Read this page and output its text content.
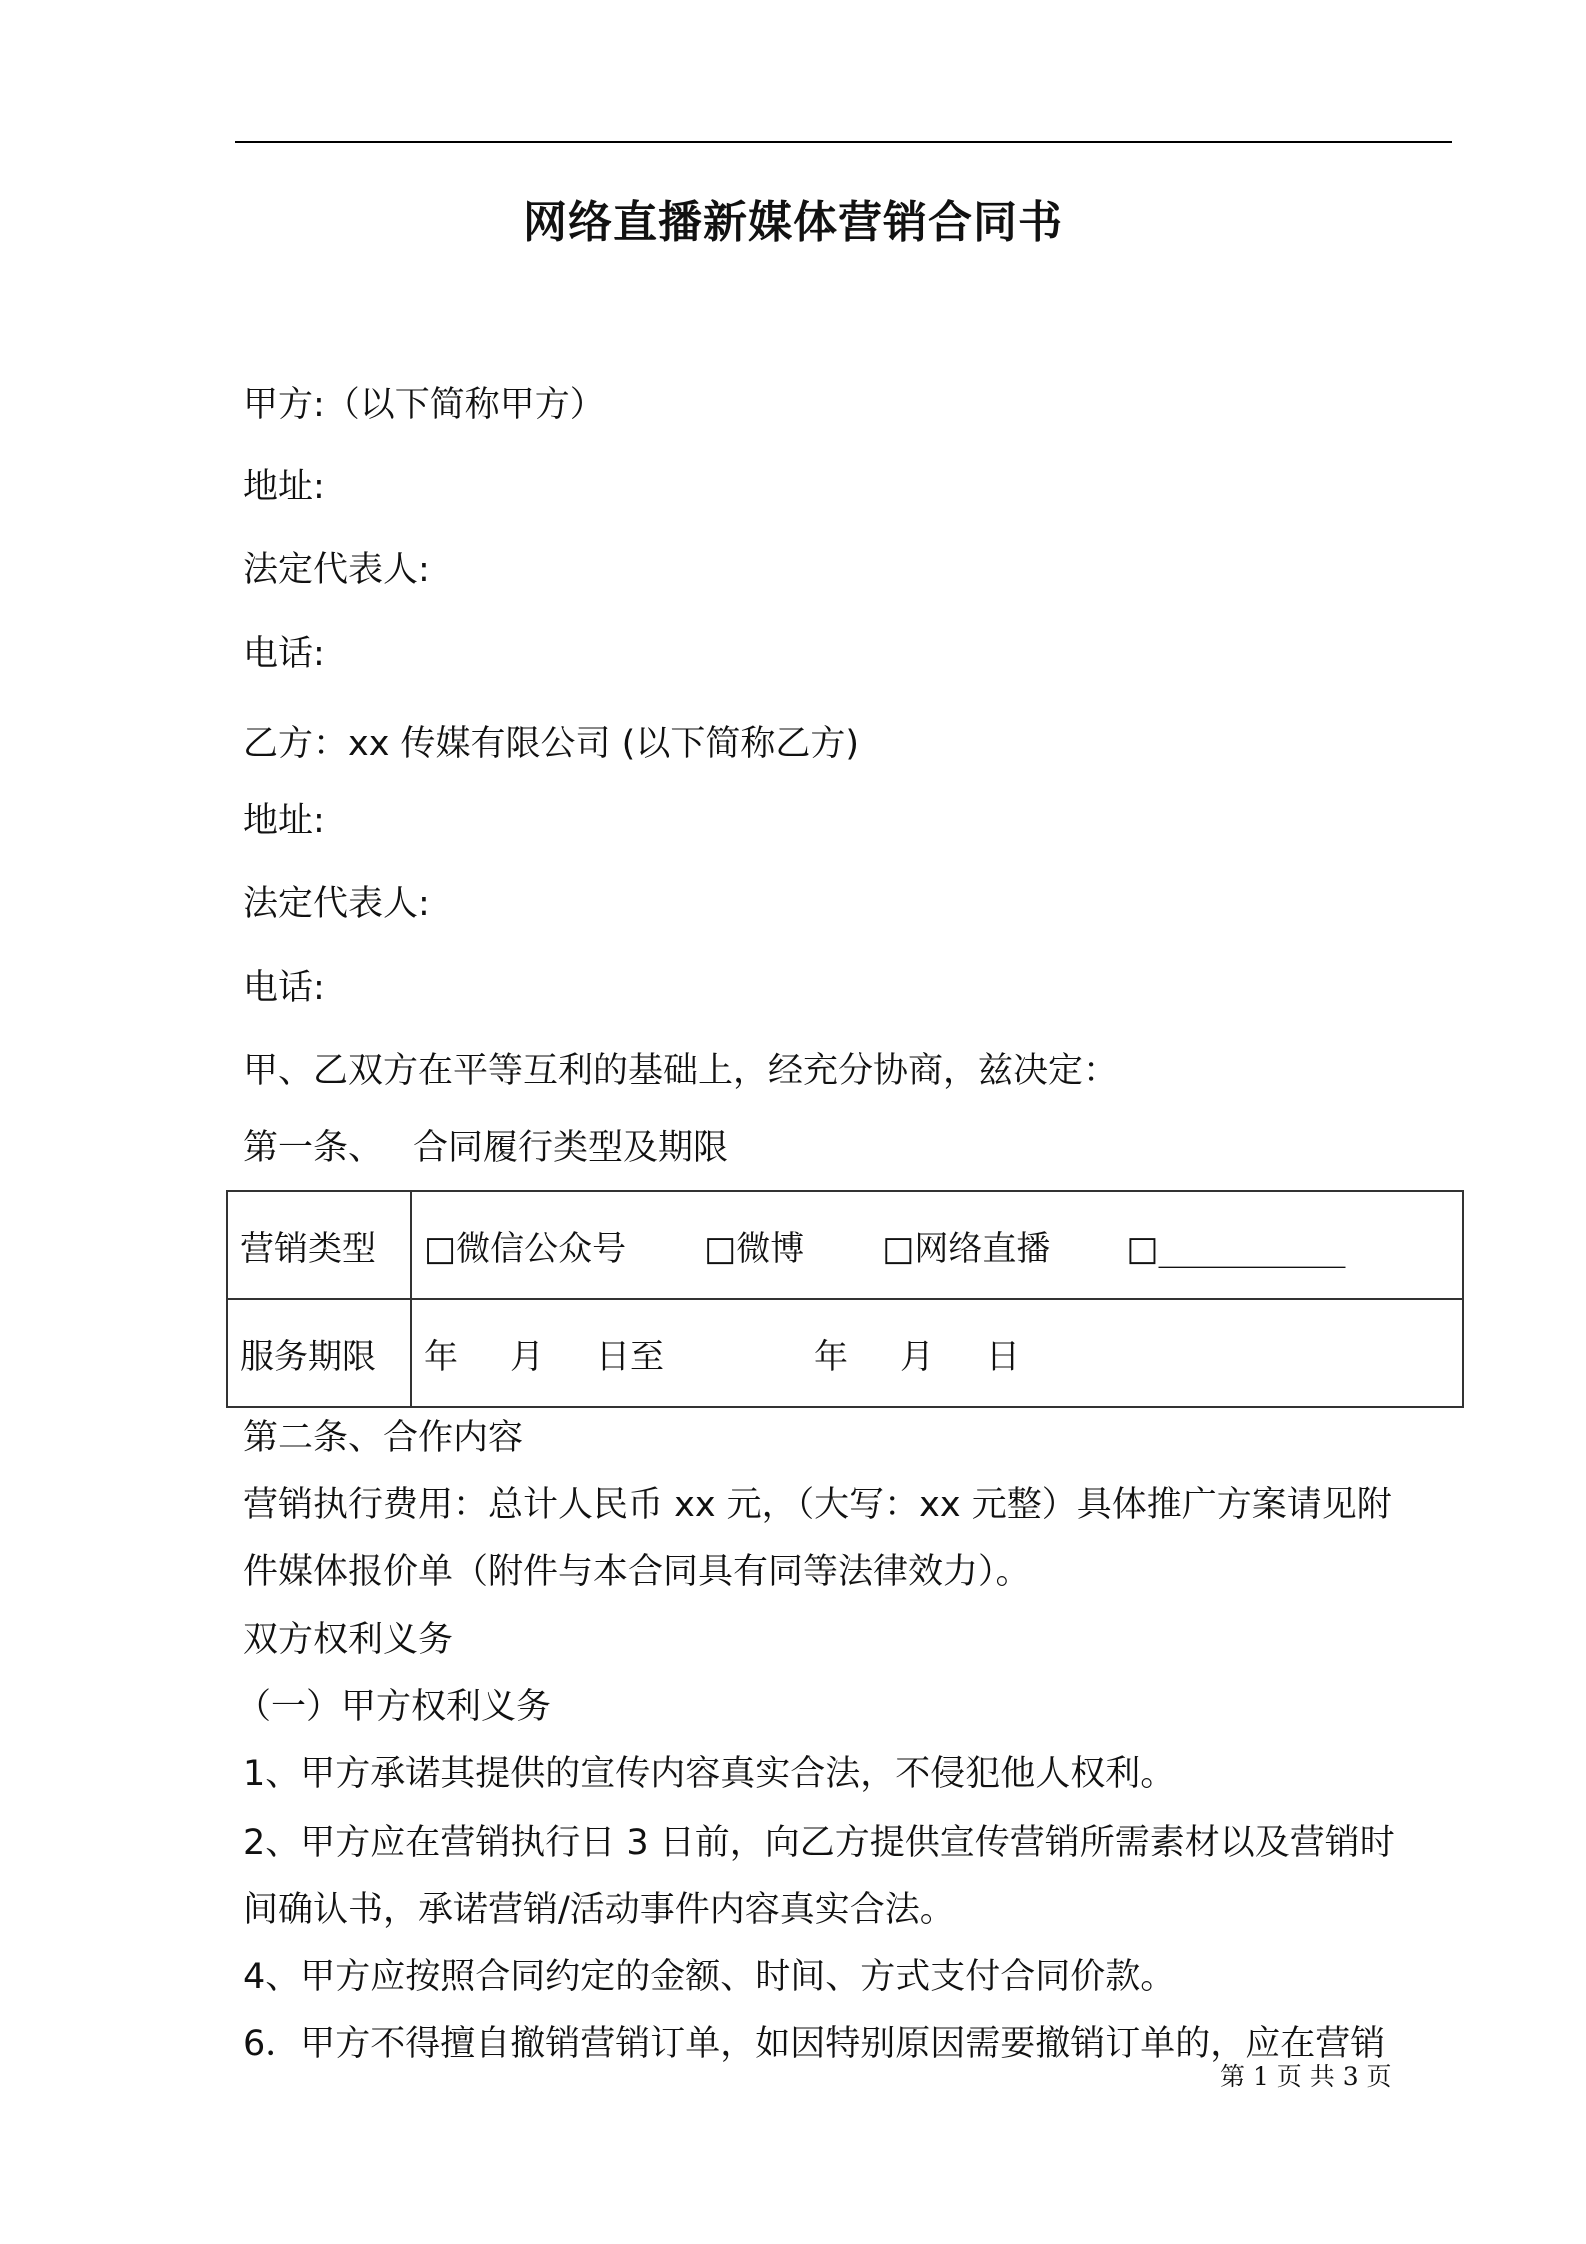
网络直播新媒体营销合同书
甲方:（以下简称甲方）
地址:
法定代表人:
电话:
乙方：xx 传媒有限公司 (以下简称乙方)
地址:
法定代表人:
电话:
甲、乙双方在平等互利的基础上，经充分协商，兹决定：
第一条、 合同履行类型及期限
营销类型	□微信公众号 □微博 □网络直播 □___________
服务期限	年 月 日至 年 月 日
第二条、合作内容
营销执行费用：总计人民币 xx 元，（大写：xx 元整）具体推广方案请见附
件媒体报价单（附件与本合同具有同等法律效力）。
双方权利义务
（一）甲方权利义务
1、甲方承诺其提供的宣传内容真实合法，不侵犯他人权利。
2、甲方应在营销执行日 3 日前，向乙方提供宣传营销所需素材以及营销时
间确认书，承诺营销/活动事件内容真实合法。
4、甲方应按照合同约定的金额、时间、方式支付合同价款。
6．甲方不得擅自撤销营销订单，如因特别原因需要撤销订单的，应在营销
第 1 页 共 3 页
